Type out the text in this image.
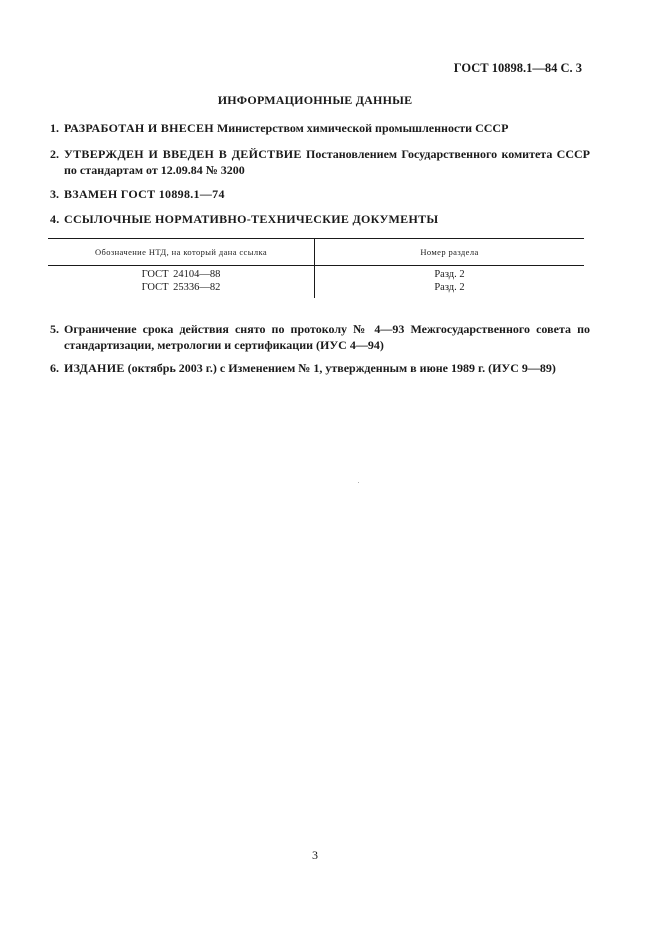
ГОСТ 10898.1—84 С. 3
ИНФОРМАЦИОННЫЕ ДАННЫЕ
1. РАЗРАБОТАН И ВНЕСЕН Министерством химической промышленности СССР
2. УТВЕРЖДЕН И ВВЕДЕН В ДЕЙСТВИЕ Постановлением Государственного комитета СССР по стандартам от 12.09.84 № 3200
3. ВЗАМЕН ГОСТ 10898.1—74
4. ССЫЛОЧНЫЕ НОРМАТИВНО-ТЕХНИЧЕСКИЕ ДОКУМЕНТЫ
Обозначение НТД, на который дана ссылка	Номер раздела
ГОСТ 24104—88	Разд. 2
ГОСТ 25336—82	Разд. 2
5. Ограничение срока действия снято по протоколу № 4—93 Межгосударственного совета по стандартизации, метрологии и сертификации (ИУС 4—94)
6. ИЗДАНИЕ (октябрь 2003 г.) с Изменением № 1, утвержденным в июне 1989 г. (ИУС 9—89)
3
